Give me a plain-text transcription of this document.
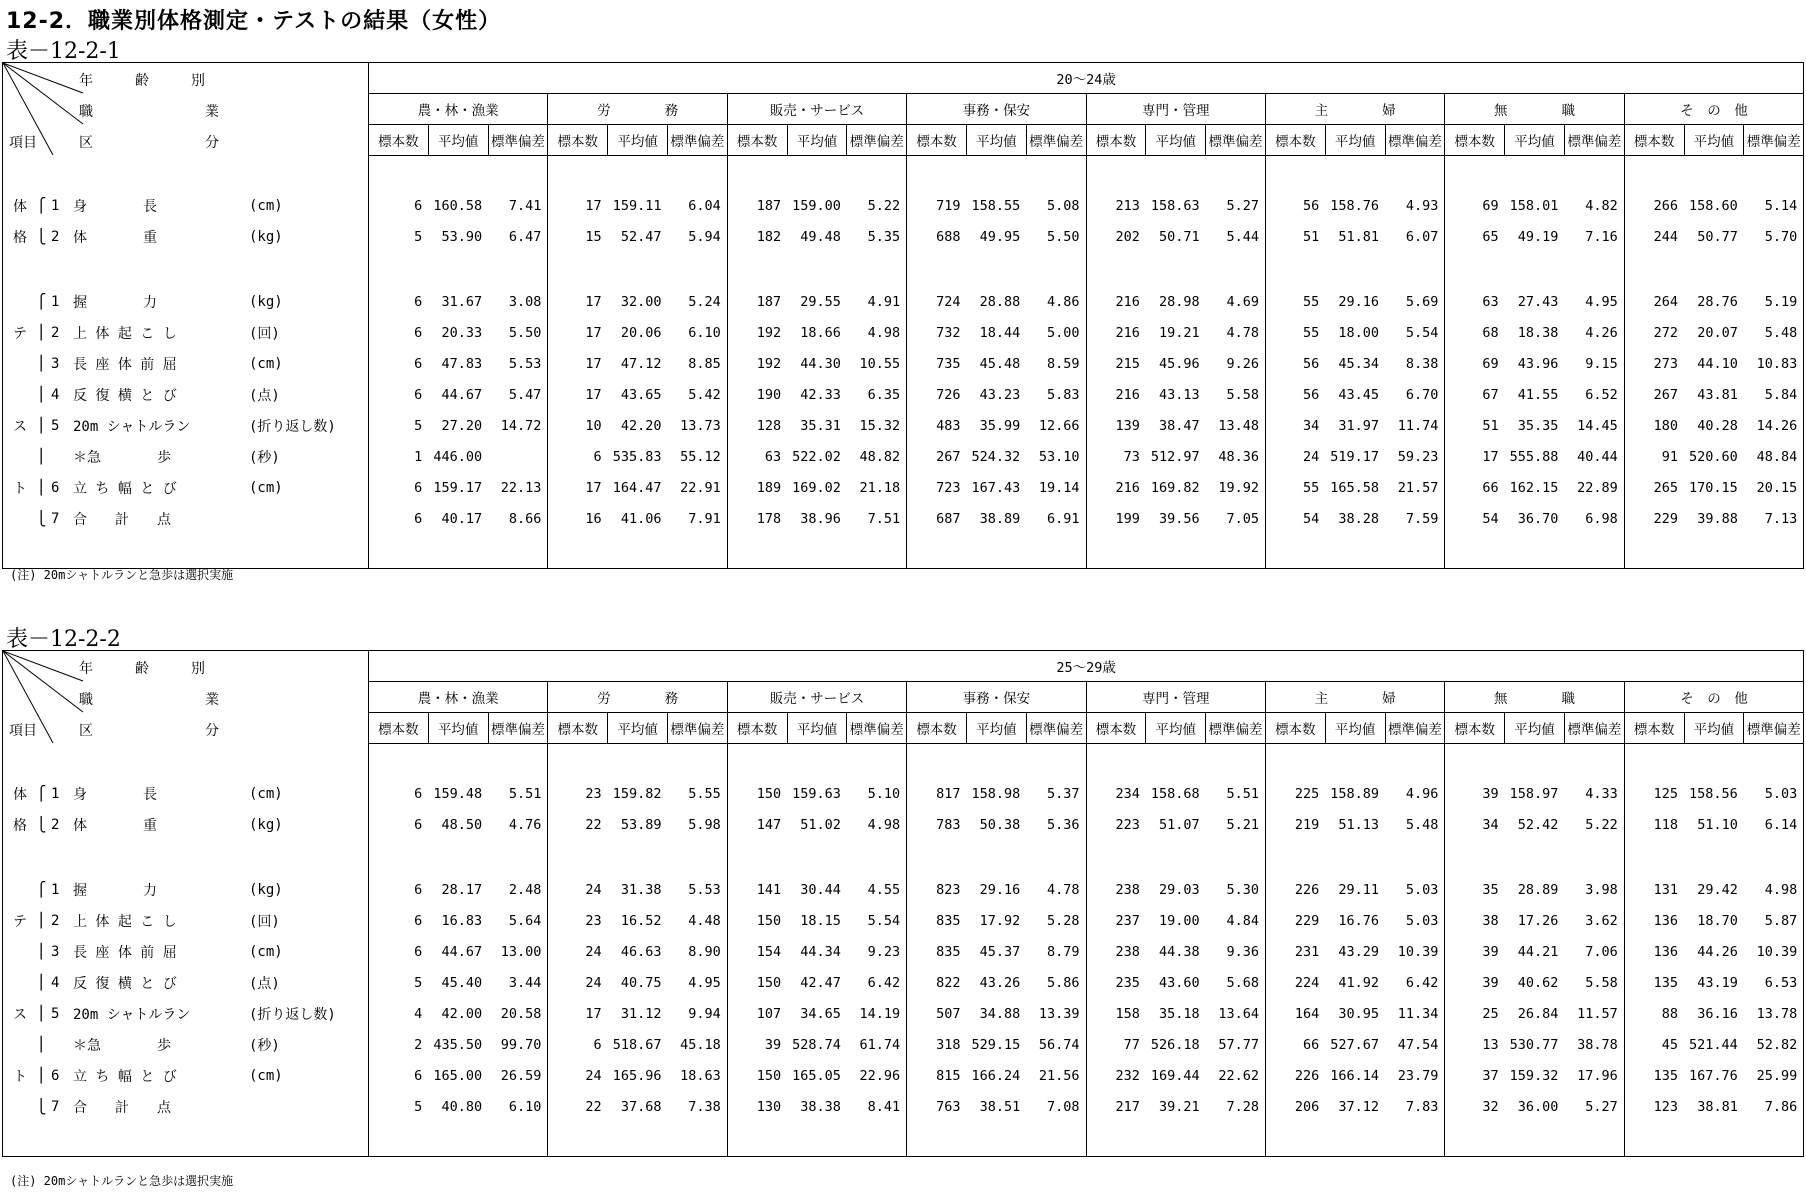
12-2．職業別体格測定・テストの結果（女性）
表－12-2-1
年　　　齢　　　別
職　　　　　　　　業
項目 区　　　　　　　　分	20～24歳																							
	農・林・漁業			労　　　　務			販売・サービス			事務・保安			専門・管理			主　　　　婦			無　　　　職			そ　の　他		
	標本数	平均値	標準偏差	標本数	平均値	標準偏差	標本数	平均値	標準偏差	標本数	平均値	標準偏差	標本数	平均値	標準偏差	標本数	平均値	標準偏差	標本数	平均値	標準偏差	標本数	平均値	標準偏差

体 ⎧ 1 身　　　　長 (cm)	6	160.58	7.41	17	159.11	6.04	187	159.00	5.22	719	158.55	5.08	213	158.63	5.27	56	158.76	4.93	69	158.01	4.82	266	158.60	5.14

格 ⎩ 2 体　　　　重 (kg)	5	53.90	6.47	15	52.47	5.94	182	49.48	5.35	688	49.95	5.50	202	50.71	5.44	51	51.81	6.07	65	49.19	7.16	244	50.77	5.70

⎧ 1 握　　　　力 (kg)	6	31.67	3.08	17	32.00	5.24	187	29.55	4.91	724	28.88	4.86	216	28.98	4.69	55	29.16	5.69	63	27.43	4.95	264	28.76	5.19

テ ⎪ 2 上 体 起 こ し (回)	6	20.33	5.50	17	20.06	6.10	192	18.66	4.98	732	18.44	5.00	216	19.21	4.78	55	18.00	5.54	68	18.38	4.26	272	20.07	5.48

⎪ 3 長 座 体 前 屈 (cm)	6	47.83	5.53	17	47.12	8.85	192	44.30	10.55	735	45.48	8.59	215	45.96	9.26	56	45.34	8.38	69	43.96	9.15	273	44.10	10.83

⎪ 4 反 復 横 と び (点)	6	44.67	5.47	17	43.65	5.42	190	42.33	6.35	726	43.23	5.83	216	43.13	5.58	56	43.45	6.70	67	41.55	6.52	267	43.81	5.84

ス ⎪ 5 20m シャトルラン (折り返し数)	5	27.20	14.72	10	42.20	13.73	128	35.31	15.32	483	35.99	12.66	139	38.47	13.48	34	31.97	11.74	51	35.35	14.45	180	40.28	14.26

⎪ ＊急　　　　歩 (秒)	1	446.00		6	535.83	55.12	63	522.02	48.82	267	524.32	53.10	73	512.97	48.36	24	519.17	59.23	17	555.88	40.44	91	520.60	48.84

ト ⎪ 6 立 ち 幅 と び (cm)	6	159.17	22.13	17	164.47	22.91	189	169.02	21.18	723	167.43	19.14	216	169.82	19.92	55	165.58	21.57	66	162.15	22.89	265	170.15	20.15

⎩ 7 合　　計　　点	6	40.17	8.66	16	41.06	7.91	178	38.96	7.51	687	38.89	6.91	199	39.56	7.05	54	38.28	7.59	54	36.70	6.98	229	39.88	7.13

(注) 20mシャトルランと急歩は選択実施
表－12-2-2
年　　　齢　　　別
職　　　　　　　　業
項目 区　　　　　　　　分	25～29歳																							
	農・林・漁業			労　　　　務			販売・サービス			事務・保安			専門・管理			主　　　　婦			無　　　　職			そ　の　他		
	標本数	平均値	標準偏差	標本数	平均値	標準偏差	標本数	平均値	標準偏差	標本数	平均値	標準偏差	標本数	平均値	標準偏差	標本数	平均値	標準偏差	標本数	平均値	標準偏差	標本数	平均値	標準偏差

体 ⎧ 1 身　　　　長 (cm)	6	159.48	5.51	23	159.82	5.55	150	159.63	5.10	817	158.98	5.37	234	158.68	5.51	225	158.89	4.96	39	158.97	4.33	125	158.56	5.03

格 ⎩ 2 体　　　　重 (kg)	6	48.50	4.76	22	53.89	5.98	147	51.02	4.98	783	50.38	5.36	223	51.07	5.21	219	51.13	5.48	34	52.42	5.22	118	51.10	6.14

⎧ 1 握　　　　力 (kg)	6	28.17	2.48	24	31.38	5.53	141	30.44	4.55	823	29.16	4.78	238	29.03	5.30	226	29.11	5.03	35	28.89	3.98	131	29.42	4.98

テ ⎪ 2 上 体 起 こ し (回)	6	16.83	5.64	23	16.52	4.48	150	18.15	5.54	835	17.92	5.28	237	19.00	4.84	229	16.76	5.03	38	17.26	3.62	136	18.70	5.87

⎪ 3 長 座 体 前 屈 (cm)	6	44.67	13.00	24	46.63	8.90	154	44.34	9.23	835	45.37	8.79	238	44.38	9.36	231	43.29	10.39	39	44.21	7.06	136	44.26	10.39

⎪ 4 反 復 横 と び (点)	5	45.40	3.44	24	40.75	4.95	150	42.47	6.42	822	43.26	5.86	235	43.60	5.68	224	41.92	6.42	39	40.62	5.58	135	43.19	6.53

ス ⎪ 5 20m シャトルラン (折り返し数)	4	42.00	20.58	17	31.12	9.94	107	34.65	14.19	507	34.88	13.39	158	35.18	13.64	164	30.95	11.34	25	26.84	11.57	88	36.16	13.78

⎪ ＊急　　　　歩 (秒)	2	435.50	99.70	6	518.67	45.18	39	528.74	61.74	318	529.15	56.74	77	526.18	57.77	66	527.67	47.54	13	530.77	38.78	45	521.44	52.82

ト ⎪ 6 立 ち 幅 と び (cm)	6	165.00	26.59	24	165.96	18.63	150	165.05	22.96	815	166.24	21.56	232	169.44	22.62	226	166.14	23.79	37	159.32	17.96	135	167.76	25.99

⎩ 7 合　　計　　点	5	40.80	6.10	22	37.68	7.38	130	38.38	8.41	763	38.51	7.08	217	39.21	7.28	206	37.12	7.83	32	36.00	5.27	123	38.81	7.86

(注) 20mシャトルランと急歩は選択実施
